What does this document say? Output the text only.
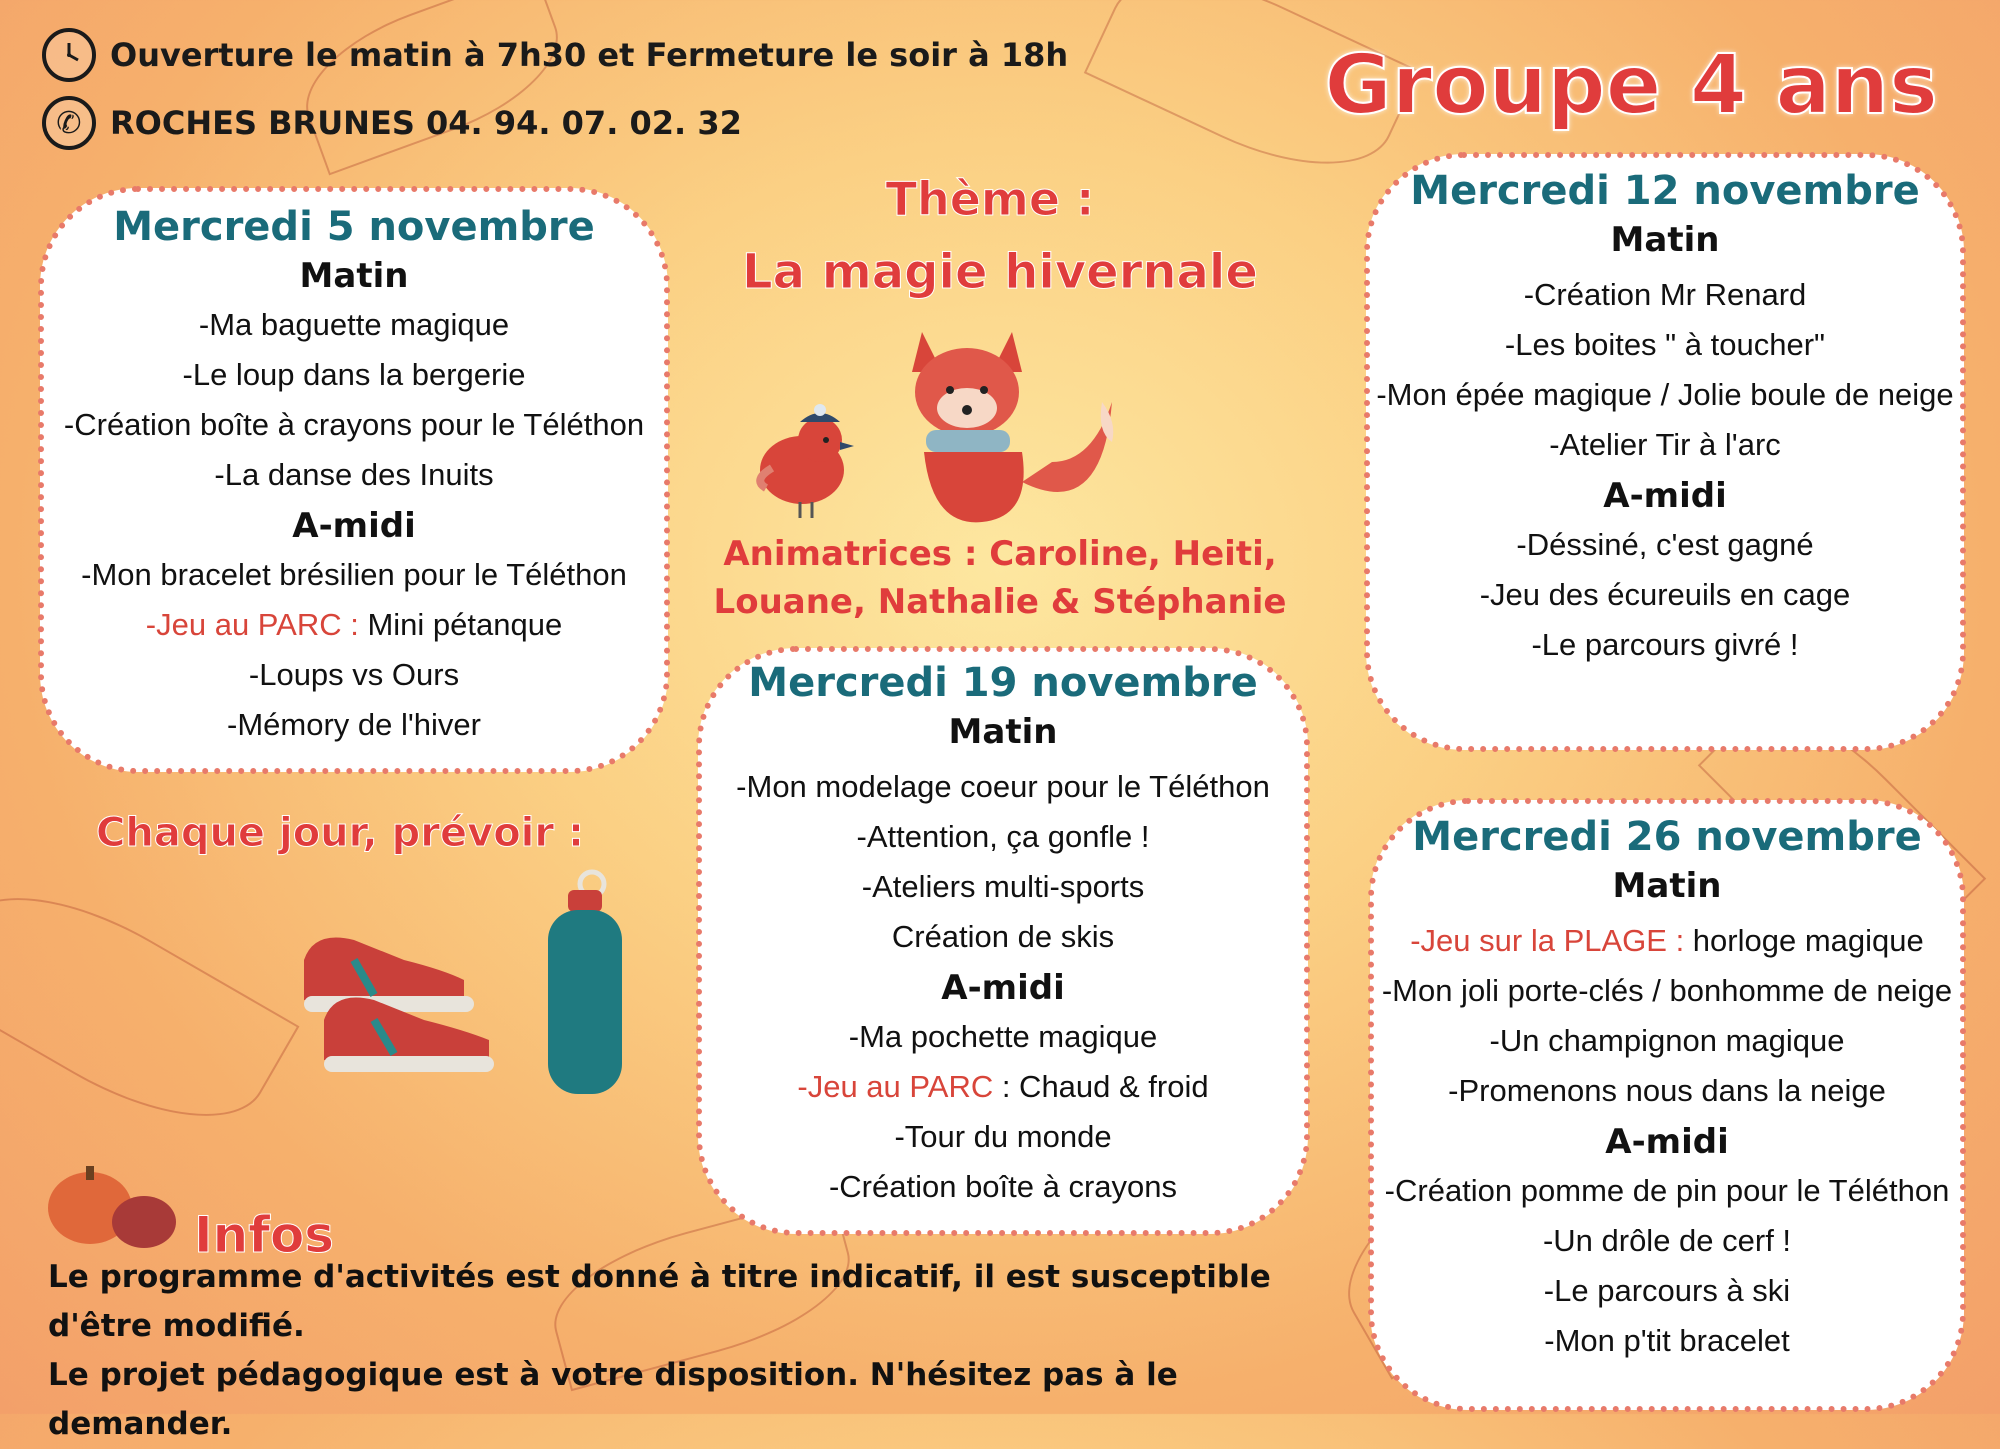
Ouverture le matin à 7h30 et Fermeture le soir à 18h
✆ ROCHES BRUNES 04. 94. 07. 02. 32	Groupe 4 ans
Mercredi 5 novembre
Matin
-Ma baguette magique
-Le loup dans la bergerie
-Création boîte à crayons pour le Téléthon
-La danse des Inuits
A-midi
-Mon bracelet brésilien pour le Téléthon
-Jeu au PARC : Mini pétanque
-Loups vs Ours
-Mémory de l'hiver
Thème :
La magie hivernale
Animatrices : Caroline, Heiti,
Louane, Nathalie & Stéphanie
Mercredi 12 novembre
Matin
-Création Mr Renard
-Les boites " à toucher"
-Mon épée magique / Jolie boule de neige
-Atelier Tir à l'arc
A-midi
-Déssiné, c'est gagné
-Jeu des écureuils en cage
-Le parcours givré !
Mercredi 19 novembre
Matin
-Mon modelage coeur pour le Téléthon
-Attention, ça gonfle !
-Ateliers multi-sports
Création de skis
A-midi
-Ma pochette magique
-Jeu au PARC : Chaud & froid
-Tour du monde
-Création boîte à crayons
Mercredi 26 novembre
Matin
-Jeu sur la PLAGE : horloge magique
-Mon joli porte-clés / bonhomme de neige
-Un champignon magique
-Promenons nous dans la neige
A-midi
-Création pomme de pin pour le Téléthon
-Un drôle de cerf !
-Le parcours à ski
-Mon p'tit bracelet
Chaque jour, prévoir :
Infos
Le programme d'activités est donné à titre indicatif, il est susceptible d'être modifié.
Le projet pédagogique est à votre disposition. N'hésitez pas à le demander.
